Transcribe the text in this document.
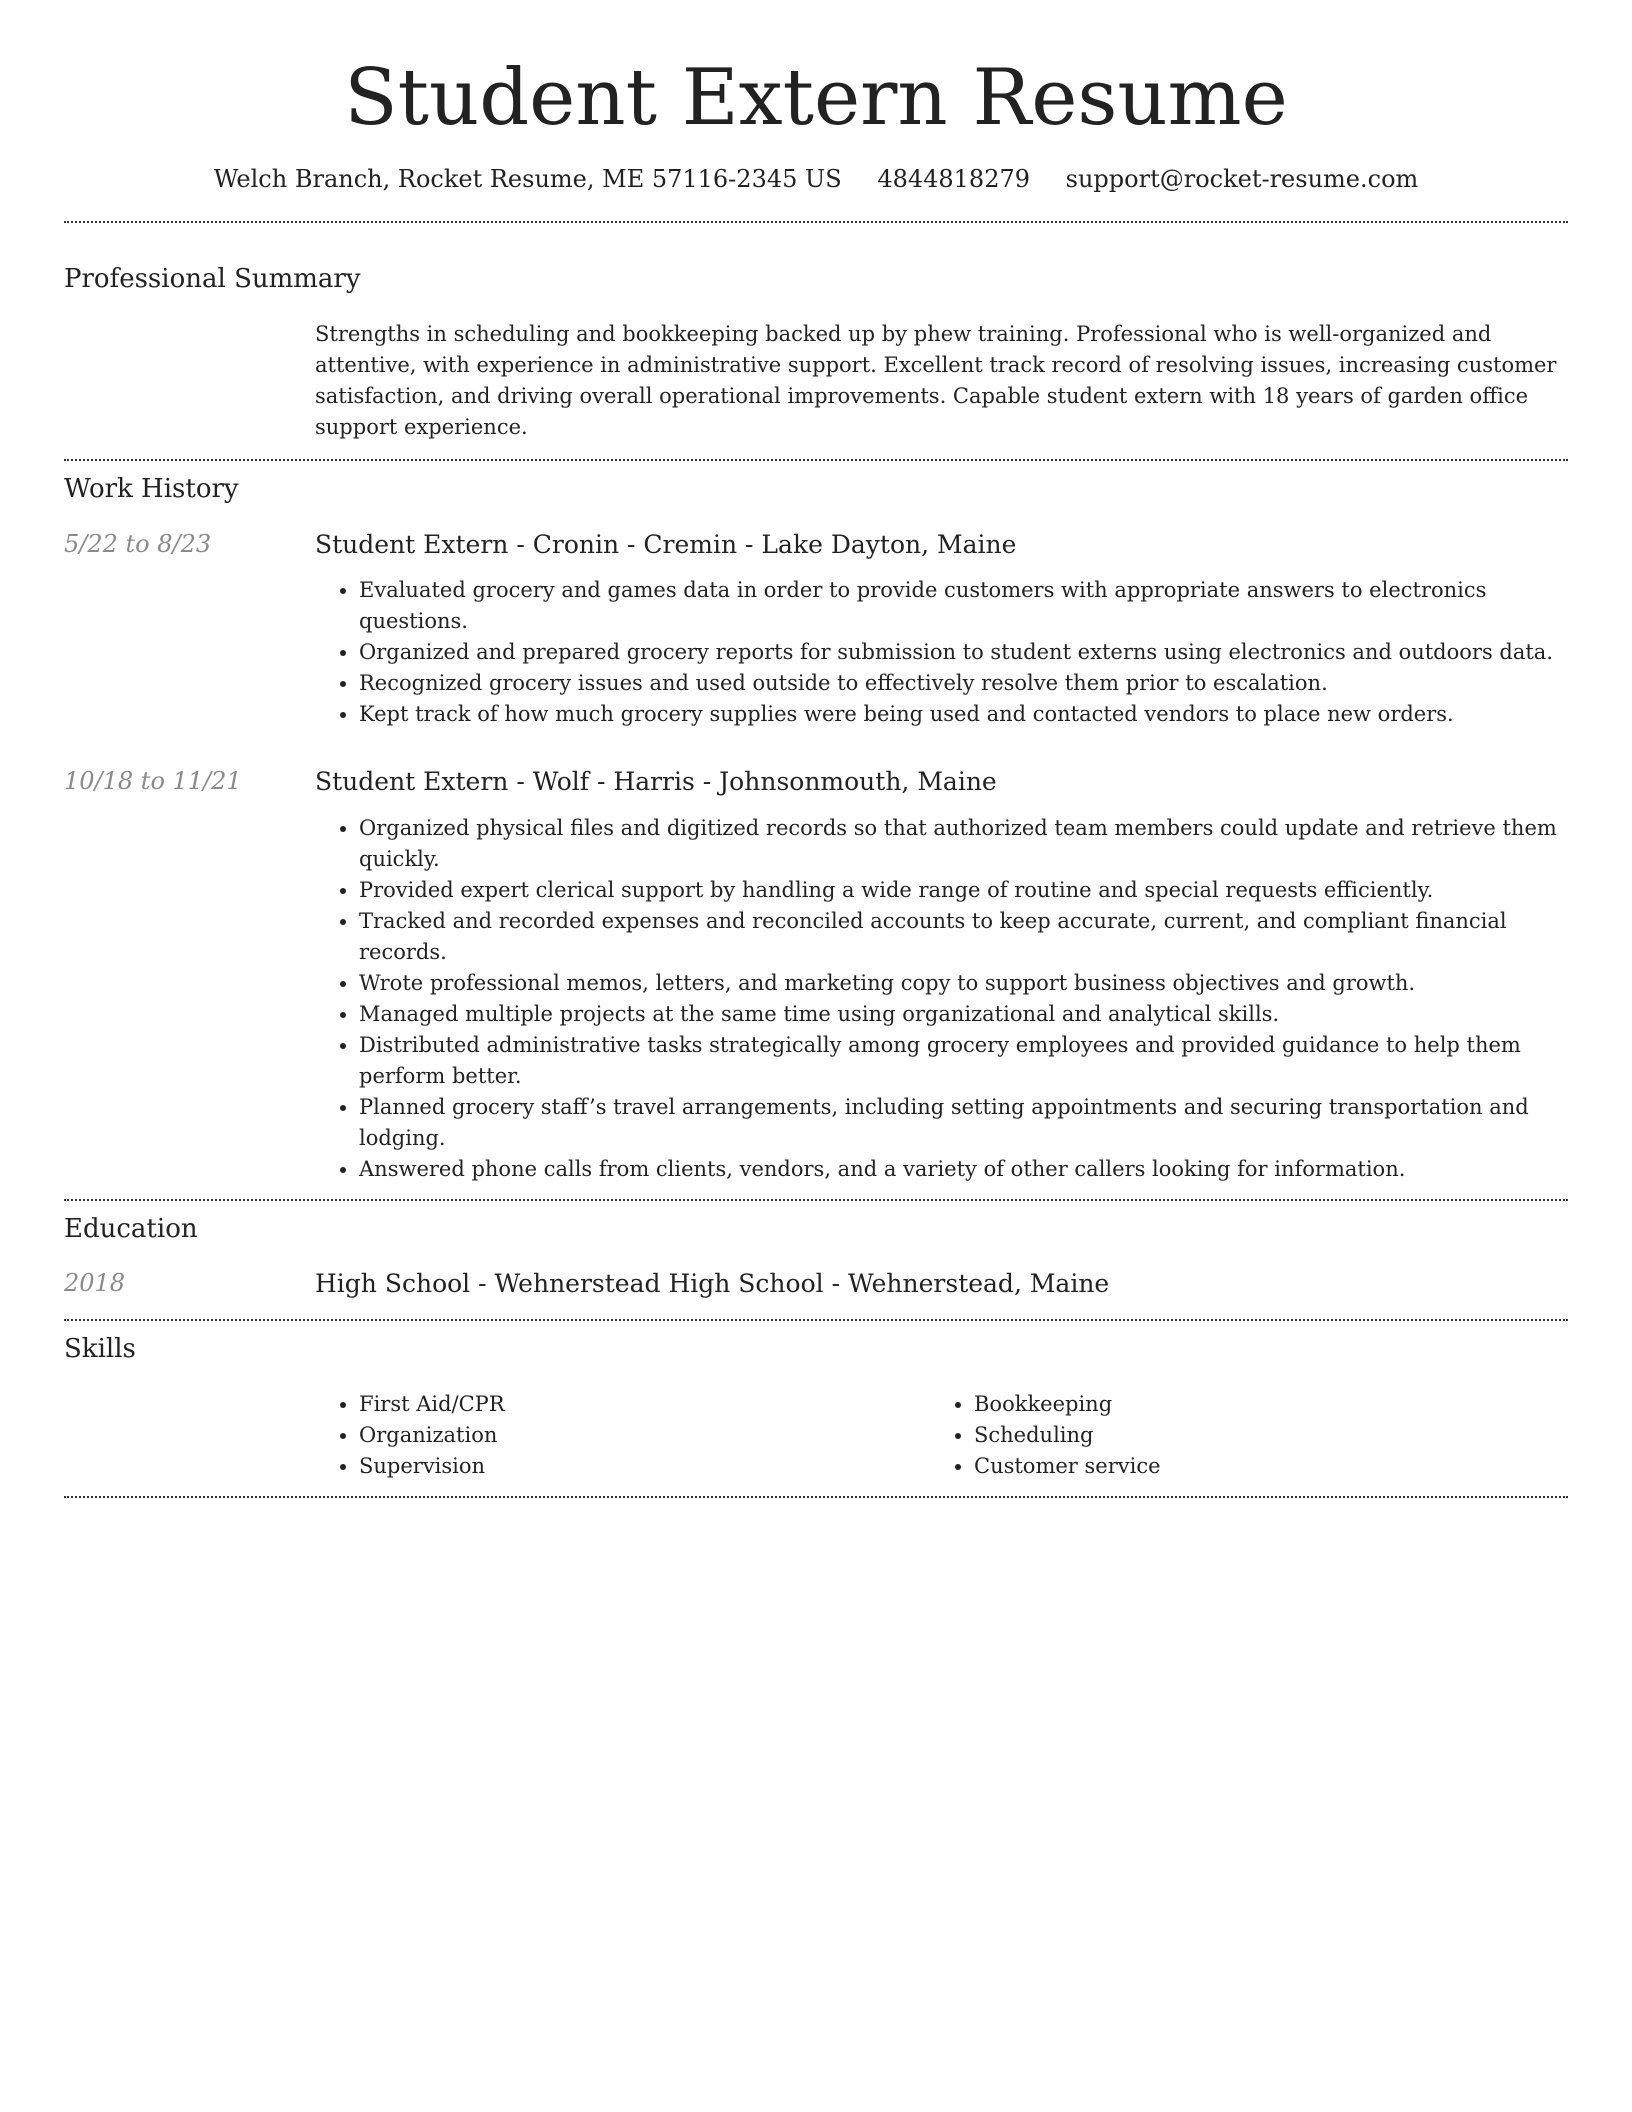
Student Extern Resume
Welch Branch, Rocket Resume, ME 57116-2345 US 4844818279 support@rocket-resume.com
Professional Summary

Strengths in scheduling and bookkeeping backed up by phew training. Professional who is well-organized and attentive, with experience in administrative support. Excellent track record of resolving issues, increasing customer satisfaction, and driving overall operational improvements. Capable student extern with 18 years of garden office support experience.

Work History
5/22 to 8/23	Student Extern - Cronin - Cremin - Lake Dayton, Maine
• Evaluated grocery and games data in order to provide customers with appropriate answers to electronics questions.
• Organized and prepared grocery reports for submission to student externs using electronics and outdoors data.
• Recognized grocery issues and used outside to effectively resolve them prior to escalation.
• Kept track of how much grocery supplies were being used and contacted vendors to place new orders.
10/18 to 11/21	Student Extern - Wolf - Harris - Johnsonmouth, Maine
• Organized physical files and digitized records so that authorized team members could update and retrieve them quickly.
• Provided expert clerical support by handling a wide range of routine and special requests efficiently.
• Tracked and recorded expenses and reconciled accounts to keep accurate, current, and compliant financial records.
• Wrote professional memos, letters, and marketing copy to support business objectives and growth.
• Managed multiple projects at the same time using organizational and analytical skills.
• Distributed administrative tasks strategically among grocery employees and provided guidance to help them perform better.
• Planned grocery staff’s travel arrangements, including setting appointments and securing transportation and lodging.
• Answered phone calls from clients, vendors, and a variety of other callers looking for information.
Education
2018	High School - Wehnerstead High School - Wehnerstead, Maine
Skills
• First Aid/CPR
• Organization
• Supervision
• Bookkeeping
• Scheduling
• Customer service
